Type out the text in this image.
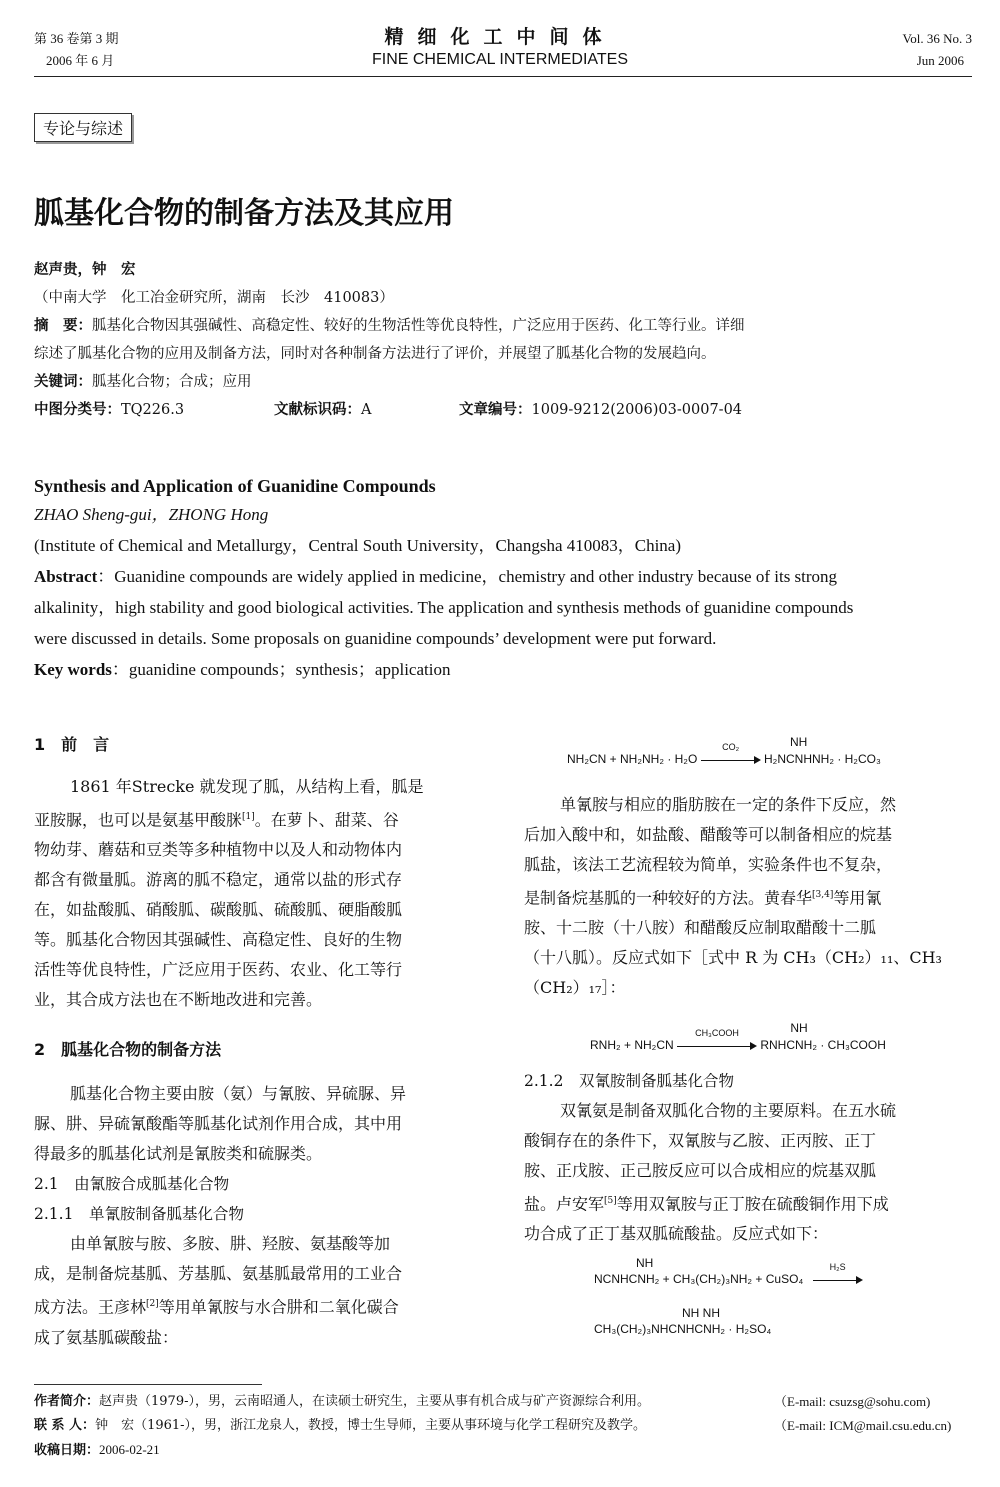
第 36 卷第 3 期
2006 年 6 月
精细化工中间体
FINE CHEMICAL INTERMEDIATES
Vol. 36 No. 3
Jun 2006
专论与综述
胍基化合物的制备方法及其应用
赵声贵，钟　宏
（中南大学　化工冶金研究所，湖南　长沙　410083）
摘　要：胍基化合物因其强碱性、高稳定性、较好的生物活性等优良特性，广泛应用于医药、化工等行业。详细
综述了胍基化合物的应用及制备方法，同时对各种制备方法进行了评价，并展望了胍基化合物的发展趋向。
关键词：胍基化合物；合成；应用
中图分类号：TQ226.3	文献标识码：A	文章编号：1009-9212(2006)03-0007-04
Synthesis and Application of Guanidine Compounds
ZHAO Sheng-gui，ZHONG Hong
(Institute of Chemical and Metallurgy，Central South University，Changsha 410083，China)
Abstract：Guanidine compounds are widely applied in medicine，chemistry and other industry because of its strong
alkalinity，high stability and good biological activities. The application and synthesis methods of guanidine compounds
were discussed in details. Some proposals on guanidine compounds’ development were put forward.
Key words：guanidine compounds；synthesis；application
1　前　言
1861 年Strecke 就发现了胍，从结构上看，胍是
亚胺脲，也可以是氨基甲酸脒[1]。在萝卜、甜菜、谷
物幼芽、蘑菇和豆类等多种植物中以及人和动物体内
都含有微量胍。游离的胍不稳定，通常以盐的形式存
在，如盐酸胍、硝酸胍、碳酸胍、硫酸胍、硬脂酸胍
等。胍基化合物因其强碱性、高稳定性、良好的生物
活性等优良特性，广泛应用于医药、农业、化工等行
业，其合成方法也在不断地改进和完善。
2　胍基化合物的制备方法
胍基化合物主要由胺（氨）与氰胺、异硫脲、异
脲、肼、异硫氰酸酯等胍基化试剂作用合成，其中用
得最多的胍基化试剂是氰胺类和硫脲类。
2.1　由氰胺合成胍基化合物
2.1.1　单氰胺制备胍基化合物
由单氰胺与胺、多胺、肼、羟胺、氨基酸等加
成，是制备烷基胍、芳基胍、氨基胍最常用的工业合
成方法。王彦林[2]等用单氰胺与水合肼和二氧化碳合
成了氨基胍碳酸盐：
NH₂CN + NH₂NH₂ · H₂O
CO₂
	NH
H₂NCNHNH₂ · H₂CO₃
单氰胺与相应的脂肪胺在一定的条件下反应，然
后加入酸中和，如盐酸、醋酸等可以制备相应的烷基
胍盐，该法工艺流程较为简单，实验条件也不复杂，
是制备烷基胍的一种较好的方法。黄春华[3,4]等用氰
胺、十二胺（十八胺）和醋酸反应制取醋酸十二胍
（十八胍）。反应式如下［式中 R 为 CH₃（CH₂）₁₁、CH₃
（CH₂）₁₇］：
RNH₂ + NH₂CN
CH₃COOH
	NH
RNHCNH₂ · CH₃COOH
2.1.2　双氰胺制备胍基化合物
双氰氨是制备双胍化合物的主要原料。在五水硫
酸铜存在的条件下，双氰胺与乙胺、正丙胺、正丁
胺、正戊胺、正己胺反应可以合成相应的烷基双胍
盐。卢安军[5]等用双氰胺与正丁胺在硫酸铜作用下成
功合成了正丁基双胍硫酸盐。反应式如下：
NH
NCNHCNH₂ + CH₃(CH₂)₃NH₂ + CuSO₄
H₂S
NH NH
CH₃(CH₂)₃NHCNHCNH₂ · H₂SO₄
作者简介：赵声贵（1979-），男，云南昭通人，在读硕士研究生，主要从事有机合成与矿产资源综合利用。	（E-mail: csuzsg@sohu.com)
联 系 人：钟　宏（1961-），男，浙江龙泉人，教授，博士生导师，主要从事环境与化学工程研究及教学。	（E-mail: ICM@mail.csu.edu.cn)
收稿日期：2006-02-21
